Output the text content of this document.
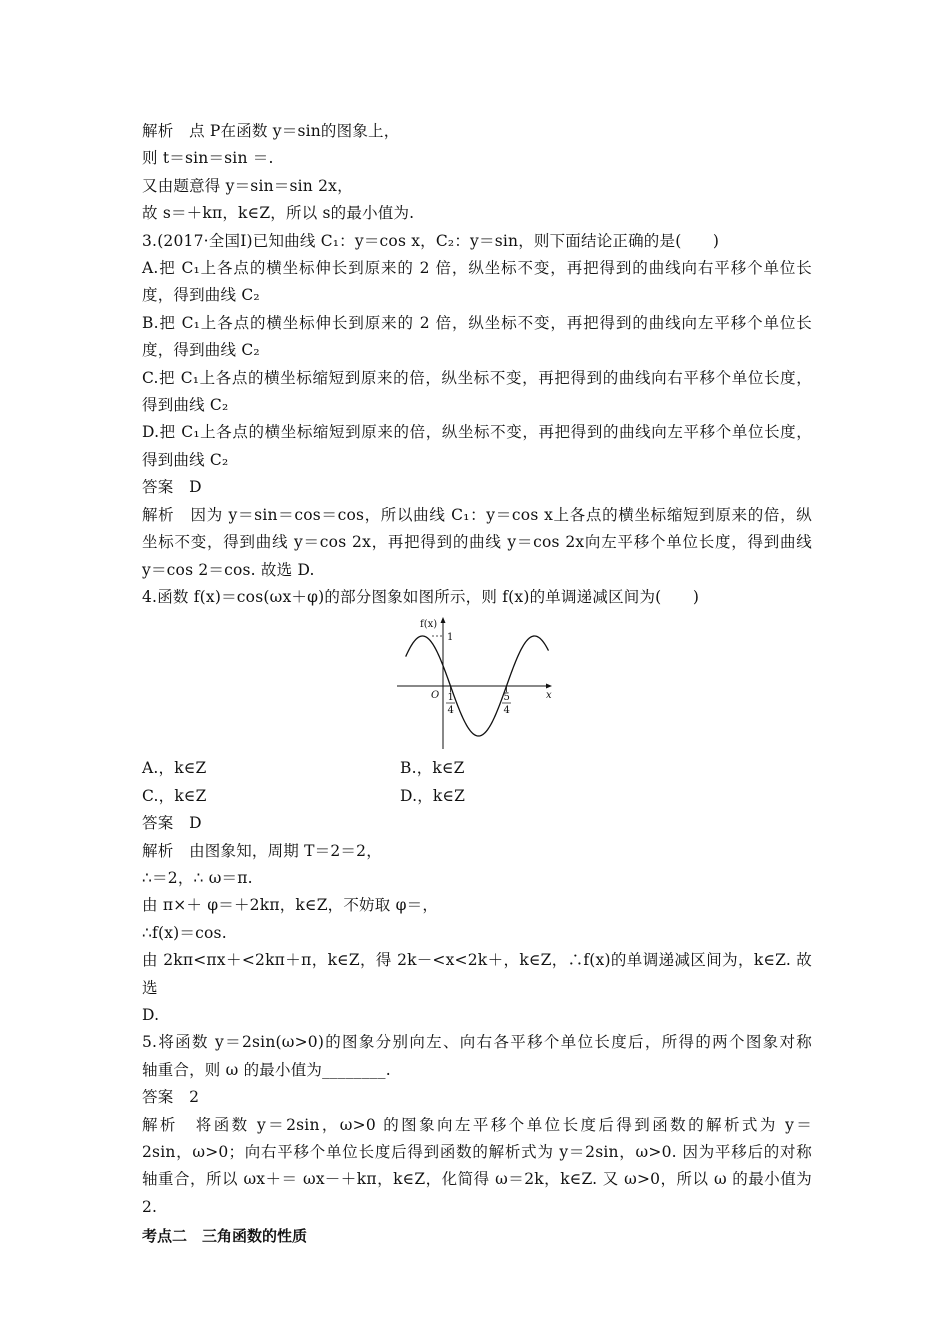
解析　点 P在函数 y＝sin的图象上，
则 t＝sin＝sin ＝.
又由题意得 y＝sin＝sin 2x，
故 s＝＋kπ，k∈Z，所以 s的最小值为.
3.(2017·全国Ⅰ)已知曲线 C₁：y＝cos x，C₂：y＝sin，则下面结论正确的是(　　)
A.把 C₁上各点的横坐标伸长到原来的 2 倍，纵坐标不变，再把得到的曲线向右平移个单位长
度，得到曲线 C₂
B.把 C₁上各点的横坐标伸长到原来的 2 倍，纵坐标不变，再把得到的曲线向左平移个单位长
度，得到曲线 C₂
C.把 C₁上各点的横坐标缩短到原来的倍，纵坐标不变，再把得到的曲线向右平移个单位长度，
得到曲线 C₂
D.把 C₁上各点的横坐标缩短到原来的倍，纵坐标不变，再把得到的曲线向左平移个单位长度，
得到曲线 C₂
答案　D
解析　因为 y＝sin＝cos＝cos，所以曲线 C₁：y＝cos x上各点的横坐标缩短到原来的倍，纵
坐标不变，得到曲线 y＝cos 2x，再把得到的曲线 y＝cos 2x向左平移个单位长度，得到曲线
y＝cos 2＝cos. 故选 D.
4.函数 f(x)＝cos(ωx＋φ)的部分图象如图所示，则 f(x)的单调递减区间为(　　)
f(x)
1
O	x
1
4
5
4
A.，k∈Z	B.，k∈Z
C.，k∈Z	D.，k∈Z
答案　D
解析　由图象知，周期 T＝2＝2，
∴＝2，∴ ω＝π.
由 π×＋ φ＝＋2kπ，k∈Z，不妨取 φ＝，
∴f(x)＝cos.
由 2kπ<πx＋<2kπ＋π，k∈Z，得 2k－<x<2k＋，k∈Z，∴f(x)的单调递减区间为，k∈Z. 故选
D.
5.将函数 y＝2sin(ω>0)的图象分别向左、向右各平移个单位长度后，所得的两个图象对称
轴重合，则 ω 的最小值为________.
答案　2
解析　将函数 y＝2sin，ω>0 的图象向左平移个单位长度后得到函数的解析式为 y＝
2sin，ω>0；向右平移个单位长度后得到函数的解析式为 y＝2sin，ω>0. 因为平移后的对称
轴重合，所以 ωx＋＝ ωx－＋kπ，k∈Z，化简得 ω＝2k，k∈Z. 又 ω>0，所以 ω 的最小值为
2.
考点二　三角函数的性质
